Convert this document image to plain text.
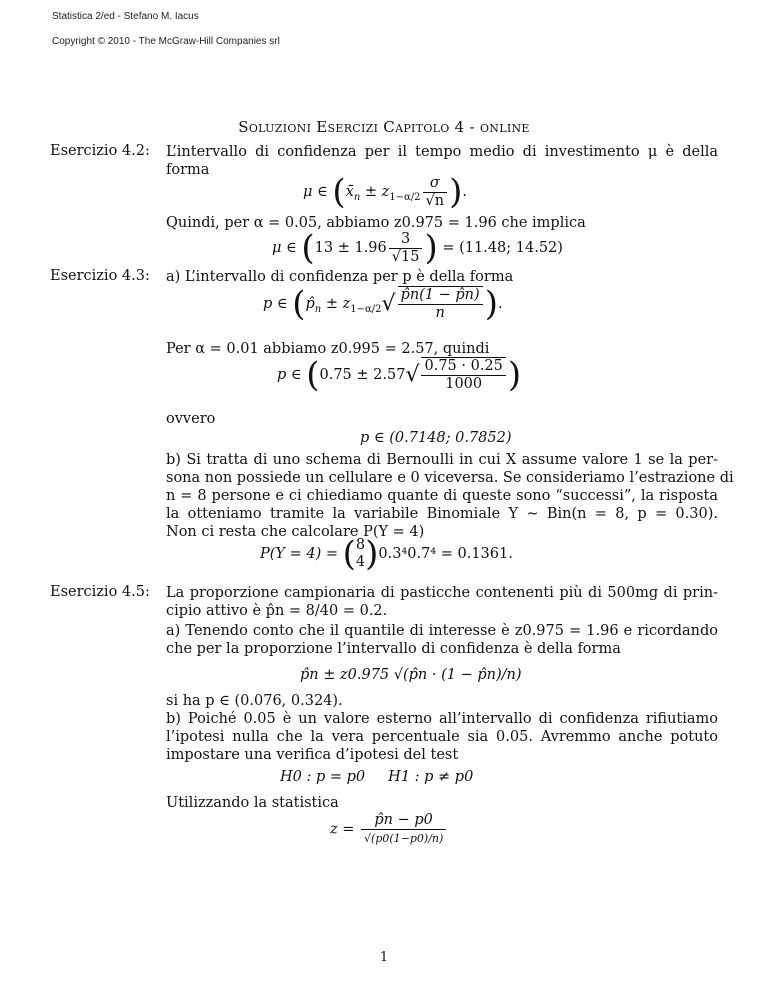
Statistica 2/ed - Stefano M. Iacus
Copyright © 2010 - The McGraw-Hill Companies srl
Soluzioni Esercizi Capitolo 4 - online
Esercizio 4.2: L’intervallo di confidenza per il tempo medio di investimento μ è della
forma
μ ∈ ($x̄_n \pm z_{1-\alpha/2} \frac{\sigma}{√n}$ ).
Quindi, per α = 0.05, abbiamo z0.975 = 1.96 che implica
μ ∈ ($13 \pm 1.96 \frac{3}{√15}$ ) = (11.48; 14.52)
Esercizio 4.3: a) L’intervallo di confidenza per p è della forma
p ∈ ($p̂_n \pm z_{1-\alpha/2}√ \frac{p̂n(1 - p̂n)}{n}$ ).
Per α = 0.01 abbiamo z0.995 = 2.57, quindi
p ∈ ($0.75 \pm 2.57√ \frac{0.75 \cdot 0.25}{1000}$ )
ovvero
p ∈ (0.7148; 0.7852)
b) Si tratta di uno schema di Bernoulli in cui X assume valore 1 se la per-
sona non possiede un cellulare e 0 viceversa. Se consideriamo l’estrazione di
n = 8 persone e ci chiediamo quante di queste sono “successi”, la risposta
la otteniamo tramite la variabile Binomiale Y ∼ Bin(n = 8, p = 0.30).
Non ci resta che calcolare P(Y = 4)
P(Y = 4) = ( 8
4 )0.3⁴0.7⁴ = 0.1361.
Esercizio 4.5: La proporzione campionaria di pasticche contenenti più di 500mg di prin-
cipio attivo è p̂n = 8/40 = 0.2.
a) Tenendo conto che il quantile di interesse è z0.975 = 1.96 e ricordando
che per la proporzione l’intervallo di confidenza è della forma
p̂n ± z0.975 √(p̂n · (1 − p̂n)/n)
si ha p ∈ (0.076, 0.324).
b) Poiché 0.05 è un valore esterno all’intervallo di confidenza rifiutiamo
l’ipotesi nulla che la vera percentuale sia 0.05. Avremmo anche potuto
impostare una verifica d’ipotesi del test
H0 : p = p0     H1 : p ≠ p0
Utilizzando la statistica
$z = \frac{p̂n - p0}{√(p0(1-p0)/n)}$
1
